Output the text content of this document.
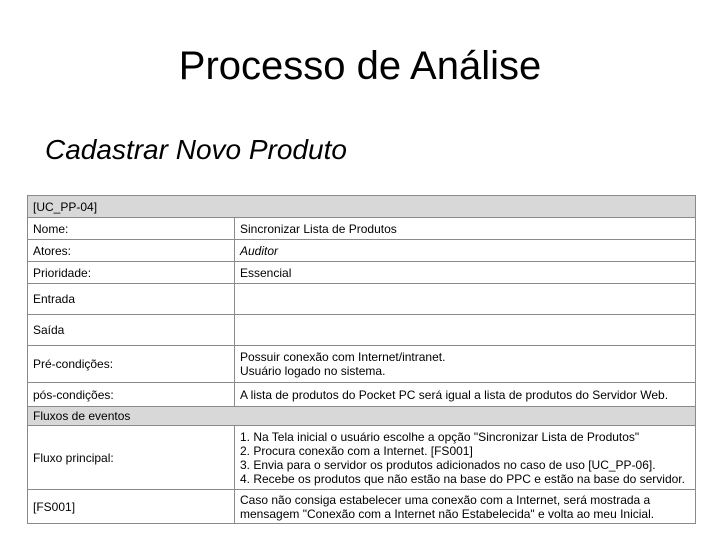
Processo de Análise
Cadastrar Novo Produto
[UC_PP-04]	
Nome:	Sincronizar Lista de Produtos
Atores:	Auditor
Prioridade:	Essencial
Entrada	
Saída	
Pré-condições:	Possuir conexão com Internet/intranet.
Usuário logado no sistema.

pós-condições:	A lista de produtos do Pocket PC será igual a lista de produtos do Servidor Web.
Fluxos de eventos	
Fluxo principal:	1. Na Tela inicial o usuário escolhe a opção "Sincronizar Lista de Produtos"
2. Procura conexão com a Internet. [FS001]
3. Envia para o servidor os produtos adicionados no caso de uso [UC_PP-06].
4. Recebe os produtos que não estão na base do PPC e estão na base do servidor.

[FS001]	Caso não consiga estabelecer uma conexão com a Internet, será mostrada a
mensagem "Conexão com a Internet não Estabelecida" e volta ao meu Inicial.
